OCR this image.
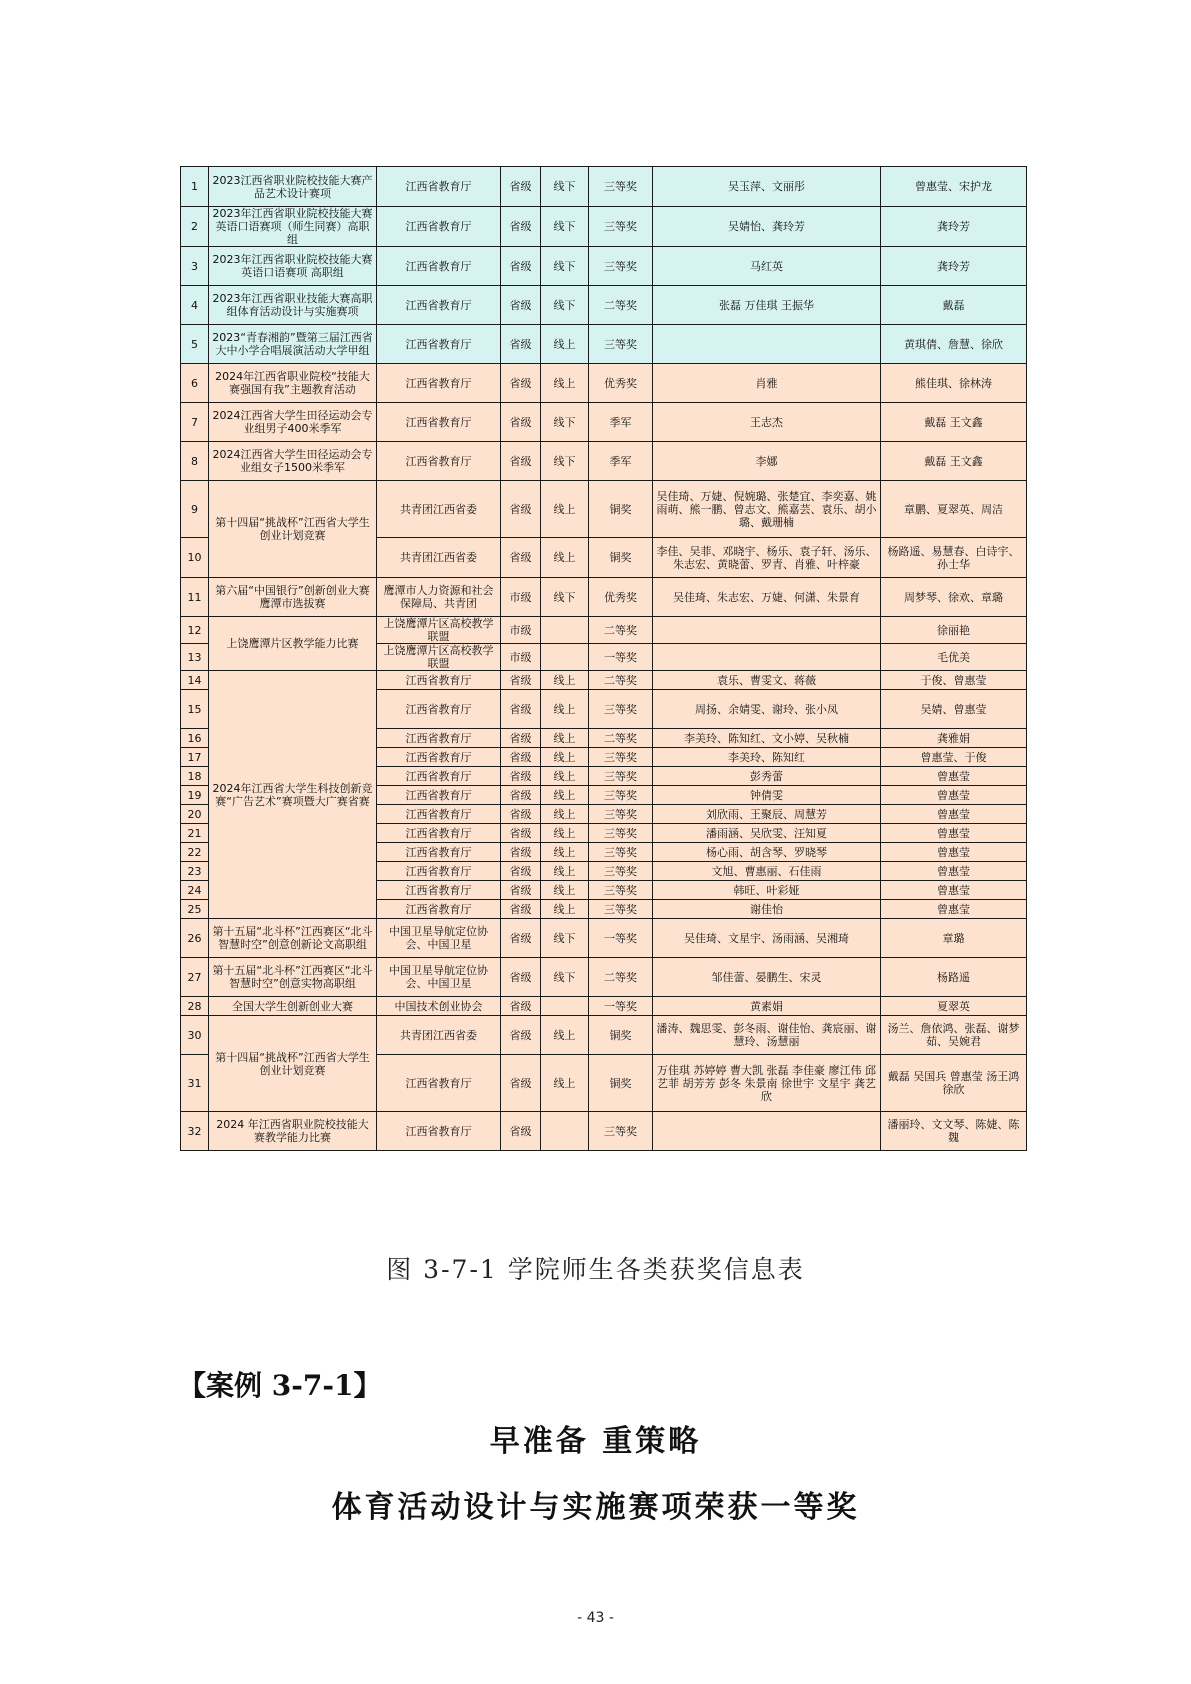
1	2023江西省职业院校技能大赛产品艺术设计赛项	江西省教育厅	省级	线下	三等奖	吴玉萍、文丽彤	曾惠莹、宋护龙
2	2023年江西省职业院校技能大赛英语口语赛项（师生同赛）高职组	江西省教育厅	省级	线下	三等奖	吴婧怡、龚玲芳	龚玲芳
3	2023年江西省职业院校技能大赛英语口语赛项 高职组	江西省教育厅	省级	线下	三等奖	马红英	龚玲芳
4	2023年江西省职业技能大赛高职组体育活动设计与实施赛项	江西省教育厅	省级	线下	二等奖	张磊 万佳琪 王振华	戴磊
5	2023“青春湘韵”暨第三届江西省大中小学合唱展演活动大学甲组	江西省教育厅	省级	线上	三等奖		黄琪倩、詹慧、徐欣
6	2024年江西省职业院校“技能大赛强国有我”主题教育活动	江西省教育厅	省级	线上	优秀奖	肖雅	熊佳琪、徐林涛
7	2024江西省大学生田径运动会专业组男子400米季军	江西省教育厅	省级	线下	季军	王志杰	戴磊 王文鑫
8	2024江西省大学生田径运动会专业组女子1500米季军	江西省教育厅	省级	线下	季军	李娜	戴磊 王文鑫
9	第十四届“挑战杯”江西省大学生创业计划竞赛	共青团江西省委	省级	线上	铜奖	吴佳琦、万婕、倪婉璐、张楚宜、李奕嘉、姚雨萌、熊一鹏、曾志文、熊嘉芸、袁乐、胡小璐、戴珊楠	章鹏、夏翠英、周洁
10		共青团江西省委	省级	线上	铜奖	李佳、吴菲、邓晓宇、杨乐、袁子轩、汤乐、朱志宏、黄晓蕾、罗青、肖雅、叶梓豪	杨路遥、易慧春、白诗宇、孙士华
11	第六届“中国银行”创新创业大赛鹰潭市选拔赛	鹰潭市人力资源和社会保障局、共青团	市级	线下	优秀奖	吴佳琦、朱志宏、万婕、何潇、朱景育	周梦琴、徐欢、章璐
12	上饶鹰潭片区教学能力比赛	上饶鹰潭片区高校教学联盟	市级		二等奖		徐丽艳
13		上饶鹰潭片区高校教学联盟	市级		一等奖		毛优美
14	2024年江西省大学生科技创新竞赛“广告艺术”赛项暨大广赛省赛	江西省教育厅	省级	线上	二等奖	袁乐、曹雯文、蒋薇	于俊、曾惠莹
15		江西省教育厅	省级	线上	三等奖	周扬、余婧雯、谢玲、张小凤	吴婧、曾惠莹
16		江西省教育厅	省级	线上	二等奖	李美玲、陈知红、文小婷、吴秋楠	龚雅娟
17		江西省教育厅	省级	线上	三等奖	李美玲、陈知红	曾惠莹、于俊
18		江西省教育厅	省级	线上	三等奖	彭秀蕾	曾惠莹
19		江西省教育厅	省级	线上	三等奖	钟倩雯	曾惠莹
20		江西省教育厅	省级	线上	三等奖	刘欣雨、王聚辰、周慧芳	曾惠莹
21		江西省教育厅	省级	线上	三等奖	潘雨涵、吴欣雯、汪知夏	曾惠莹
22		江西省教育厅	省级	线上	三等奖	杨心雨、胡含琴、罗晓琴	曾惠莹
23		江西省教育厅	省级	线上	三等奖	文旭、曹惠丽、石佳雨	曾惠莹
24		江西省教育厅	省级	线上	三等奖	韩旺、叶彩娅	曾惠莹
25		江西省教育厅	省级	线上	三等奖	谢佳怡	曾惠莹
26	第十五届“北斗杯”江西赛区“北斗智慧时空”创意创新论文高职组	中国卫星导航定位协会、中国卫星	省级	线下	一等奖	吴佳琦、文星宇、汤雨涵、吴湘琦	章璐
27	第十五届“北斗杯”江西赛区“北斗智慧时空”创意实物高职组	中国卫星导航定位协会、中国卫星	省级	线下	二等奖	邹佳蕾、晏鹏生、宋灵	杨路遥
28	全国大学生创新创业大赛	中国技术创业协会	省级		一等奖	黄素娟	夏翠英
30	第十四届“挑战杯”江西省大学生创业计划竞赛	共青团江西省委	省级	线上	铜奖	潘涛、魏思雯、彭冬雨、谢佳怡、龚宸丽、谢慧玲、汤慧丽	汤兰、詹依鸿、张磊、谢梦茹、吴婉君
31		江西省教育厅	省级	线上	铜奖	万佳琪 苏婷婷 曹大凯 张磊 李佳豪 廖江伟 邱艺菲 胡芳芳 彭冬 朱景南 徐世宇 文星宇 龚艺欣	戴磊 吴国兵 曾惠莹 汤王鸿 徐欣
32	2024 年江西省职业院校技能大赛教学能力比赛	江西省教育厅	省级		三等奖		潘丽玲、文文琴、陈婕、陈魏
图 3-7-1 学院师生各类获奖信息表
【案例 3-7-1】
早准备 重策略
体育活动设计与实施赛项荣获一等奖
- 43 -
